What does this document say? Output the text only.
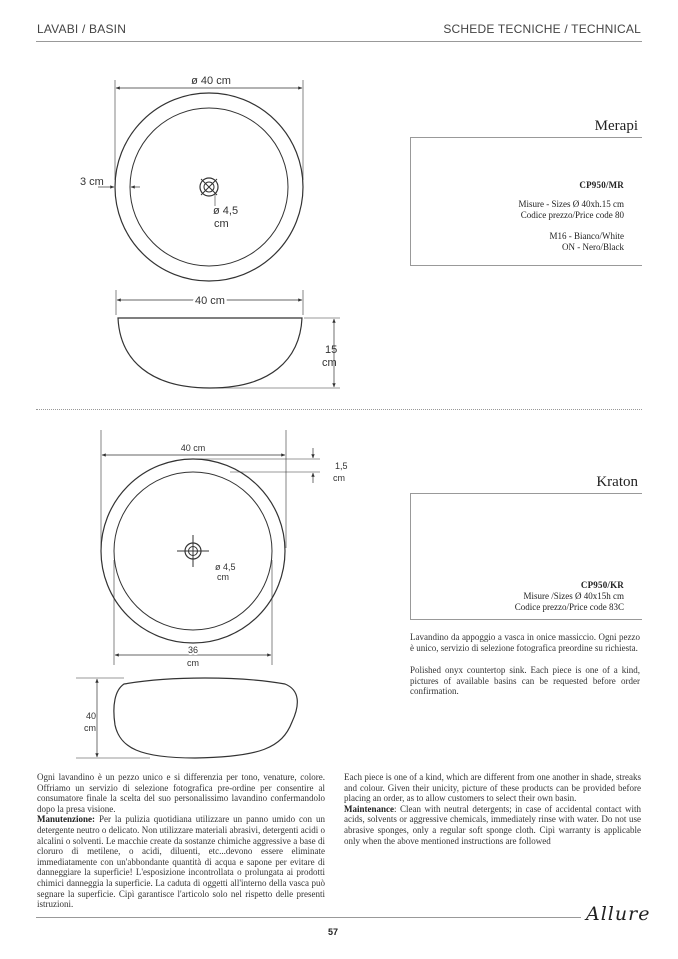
LAVABI / BASIN	SCHEDE TECNICHE / TECHNICAL
ø 40 cm
3 cm
ø 4,5
cm
40 cm
15
cm
40 cm
1,5
cm
ø 4,5
cm
36
cm
40
cm
Merapi
CP950/MR
Misure - Sizes Ø 40xh.15 cm
Codice prezzo/Price code 80
M16 - Bianco/White
ON - Nero/Black
Kraton
CP950/KR
Misure /Sizes Ø 40x15h cm
Codice prezzo/Price code 83C
Lavandino da appoggio a vasca in onice massiccio. Ogni pezzo è unico, servizio di selezione fotografica preordine su richiesta.
Polished onyx countertop sink. Each piece is one of a kind, pictures of available basins can be requested before order confirmation.
Ogni lavandino è un pezzo unico e si differenzia per tono, venature, colore. Offriamo un servizio di selezione fotografica pre-ordine per consentire al consumatore finale la scelta del suo personalissimo lavandino confermandolo dopo la presa visione.
Manutenzione: Per la pulizia quotidiana utilizzare un panno umido con un detergente neutro o delicato. Non utilizzare materiali abrasivi, detergenti acidi o alcalini o solventi. Le macchie create da sostanze chimiche aggressive a base di cloruro di metilene, o acidi, diluenti, etc...devono essere eliminate immediatamente con un'abbondante quantità di acqua e sapone per evitare di danneggiare la superficie! L'esposizione incontrollata o prolungata ai prodotti chimici danneggia la superficie. La caduta di oggetti all'interno della vasca può segnare la superficie. Cipì garantisce l'articolo solo nel rispetto delle presenti istruzioni.
Each piece is one of a kind, which are different from one another in shade, streaks and colour. Given their unicity, picture of these products can be provided before placing an order, as to allow customers to select their own basin.
Maintenance: Clean with neutral detergents; in case of accidental contact with acids, solvents or aggressive chemicals, immediately rinse with water. Do not use abrasive sponges, only a regular soft sponge cloth. Cipì warranty is applicable only when the above mentioned instructions are followed
57
Allure
